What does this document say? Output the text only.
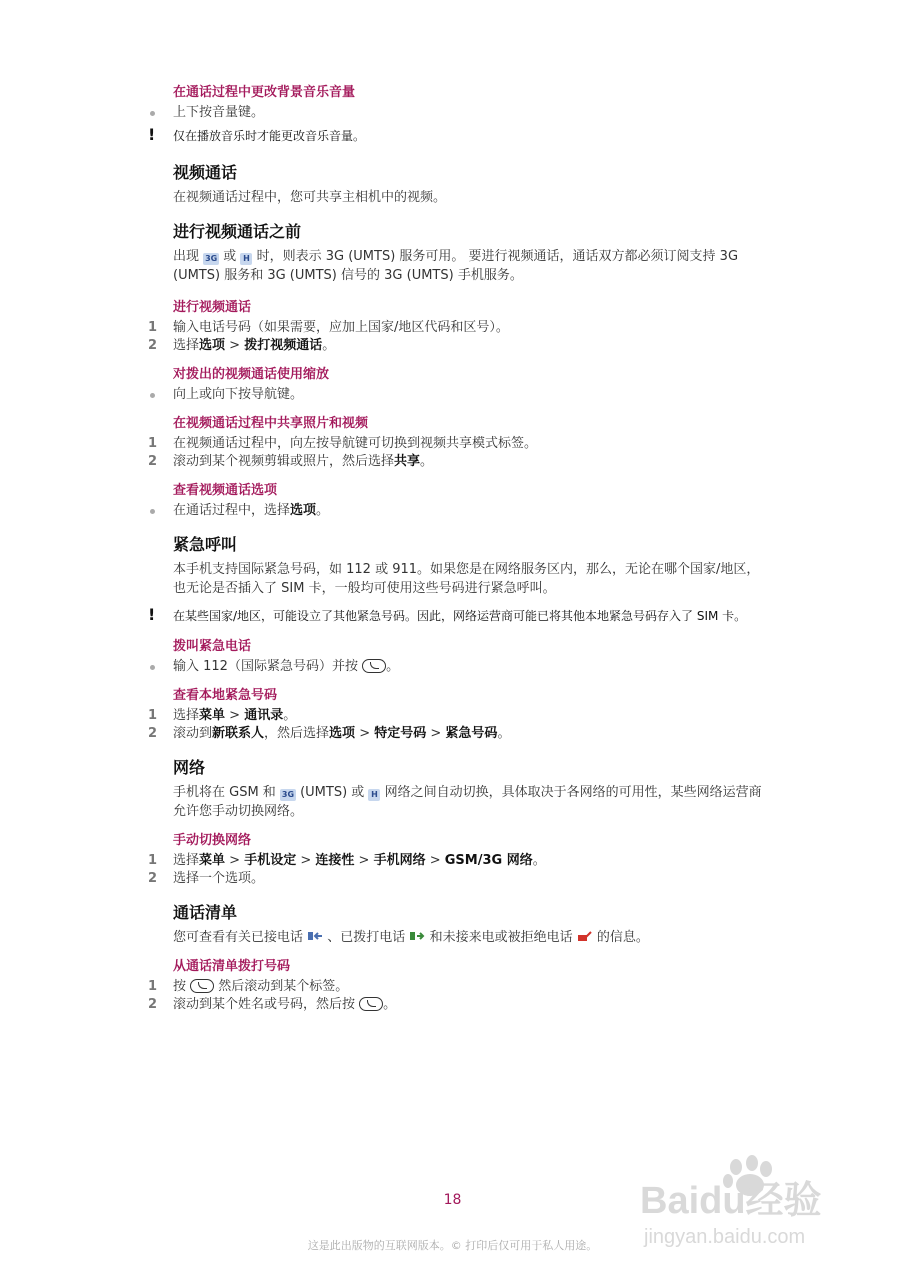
在通话过程中更改背景音乐音量
上下按音量键。
! 仅在播放音乐时才能更改音乐音量。
视频通话
在视频通话过程中，您可共享主相机中的视频。
进行视频通话之前
出现 3G 或 H 时，则表示 3G (UMTS) 服务可用。 要进行视频通话，通话双方都必须订阅支持 3G (UMTS) 服务和 3G (UMTS) 信号的 3G (UMTS) 手机服务。
进行视频通话
1	输入电话号码（如果需要，应加上国家/地区代码和区号）。
2	选择选项 > 拨打视频通话。
对拨出的视频通话使用缩放
向上或向下按导航键。
在视频通话过程中共享照片和视频
1	在视频通话过程中，向左按导航键可切换到视频共享模式标签。
2	滚动到某个视频剪辑或照片，然后选择共享。
查看视频通话选项
在通话过程中，选择选项。
紧急呼叫
本手机支持国际紧急号码，如 112 或 911。如果您是在网络服务区内，那么，无论在哪个国家/地区，也无论是否插入了 SIM 卡，一般均可使用这些号码进行紧急呼叫。
! 在某些国家/地区，可能设立了其他紧急号码。因此，网络运营商可能已将其他本地紧急号码存入了 SIM 卡。
拨叫紧急电话
输入 112（国际紧急号码）并按 。
查看本地紧急号码
1	选择菜单 > 通讯录。
2	滚动到新联系人，然后选择选项 > 特定号码 > 紧急号码。
网络
手机将在 GSM 和 3G (UMTS) 或 H 网络之间自动切换，具体取决于各网络的可用性，某些网络运营商允许您手动切换网络。
手动切换网络
1	选择菜单 > 手机设定 > 连接性 > 手机网络 > GSM/3G 网络。
2	选择一个选项。
通话清单
您可查看有关已接电话 、已拨打电话 和未接来电或被拒绝电话 的信息。
从通话清单拨打号码
1	按 然后滚动到某个标签。
2	滚动到某个姓名或号码，然后按 。
18
这是此出版物的互联网版本。© 打印后仅可用于私人用途。
Baidu经验
jingyan.baidu.com
